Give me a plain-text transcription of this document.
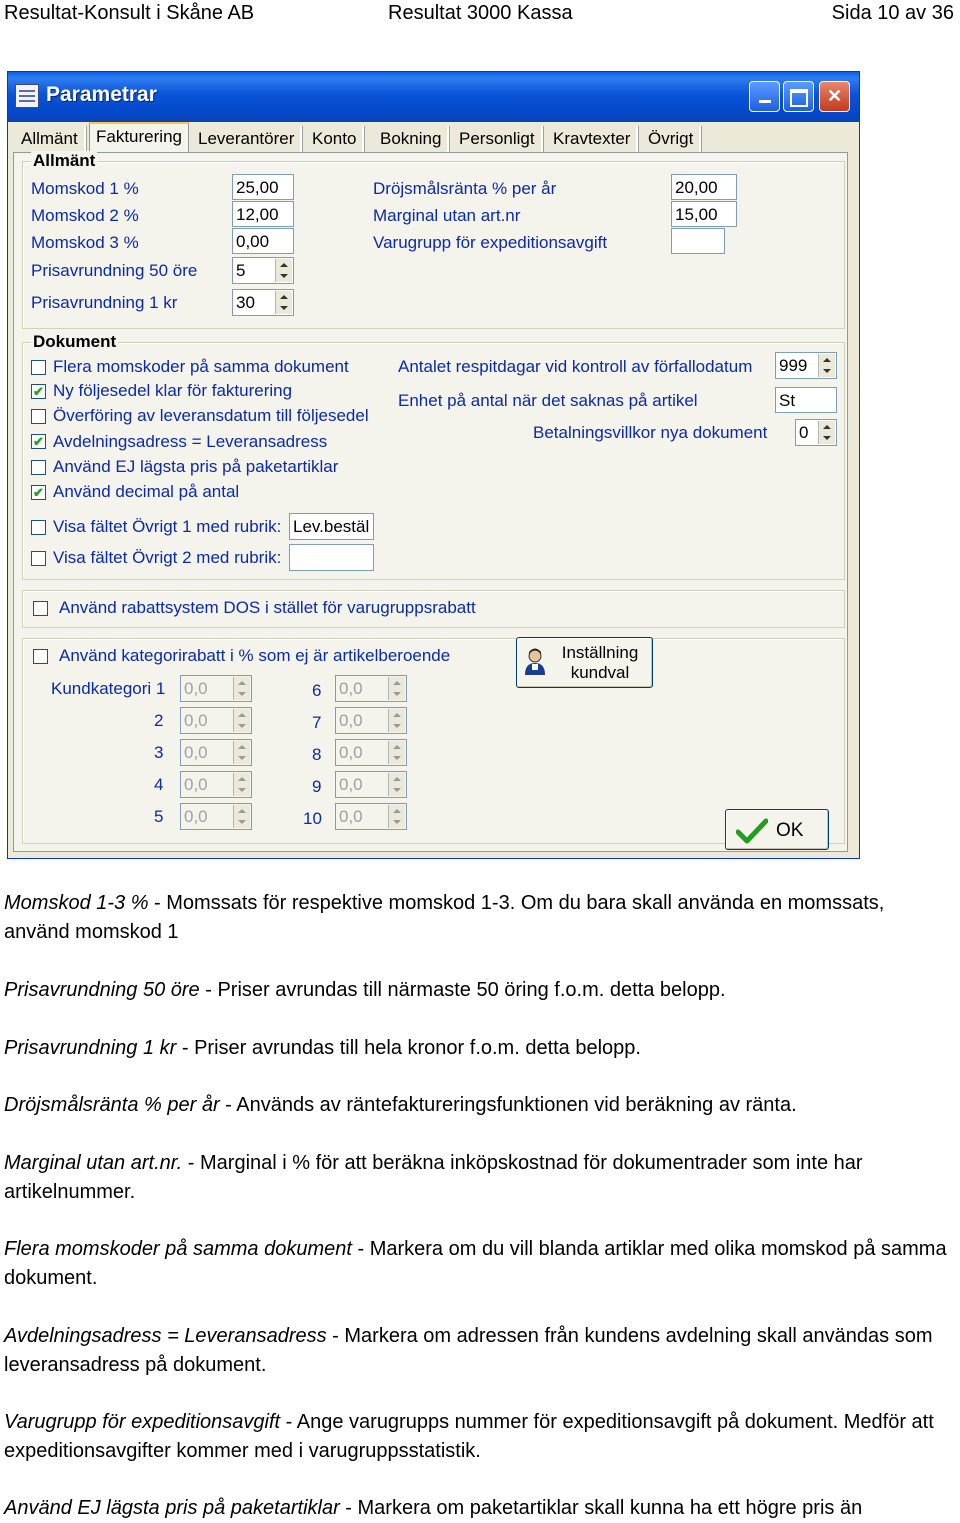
Resultat-Konsult i Skåne AB	Resultat 3000 Kassa	Sida 10 av 36
Parametrar	✕
Allmänt	Fakturering Leverantörer	Konto	Bokning	Personligt	Kravtexter	Övrigt
Allmänt
Momskod 1 %	25,00
Momskod 2 %	12,00
Momskod 3 %	0,00
Prisavrundning 50 öre 5
Prisavrundning 1 kr	30
Dröjsmålsränta % per år	20,00
Marginal utan art.nr	15,00
Varugrupp för expeditionsavgift
Dokument
Flera momskoder på samma dokument
✔ Ny följesedel klar för fakturering
Överföring av leveransdatum till följesedel
✔ Avdelningsadress = Leveransadress
Använd EJ lägsta pris på paketartiklar
✔ Använd decimal på antal
Visa fältet Övrigt 1 med rubrik: Lev.bestäl
Visa fältet Övrigt 2 med rubrik:
Antalet respitdagar vid kontroll av förfallodatum 999
Enhet på antal när det saknas på artikel	St
Betalningsvillkor nya dokument 0
Använd rabattsystem DOS i stället för varugruppsrabatt
Använd kategorirabatt i % som ej är artikelberoende
Kundkategori 1 0,0
2 0,0
3 0,0
4 0,0
5 0,0
6 0,0
7 0,0
8 0,0
9 0,0
10 0,0
Inställning
kundval
OK
Momskod 1-3 % - Momssats för respektive momskod 1-3. Om du bara skall använda en momssats, använd momskod 1
Prisavrundning 50 öre - Priser avrundas till närmaste 50 öring f.o.m. detta belopp.
Prisavrundning 1 kr - Priser avrundas till hela kronor f.o.m. detta belopp.
Dröjsmålsränta % per år - Används av räntefaktureringsfunktionen vid beräkning av ränta.
Marginal utan art.nr. - Marginal i % för att beräkna inköpskostnad för dokumentrader som inte har artikelnummer.
Flera momskoder på samma dokument - Markera om du vill blanda artiklar med olika momskod på samma dokument.
Avdelningsadress = Leveransadress - Markera om adressen från kundens avdelning skall användas som leveransadress på dokument.
Varugrupp för expeditionsavgift - Ange varugrupps nummer för expeditionsavgift på dokument. Medför att expeditionsavgifter kommer med i varugruppsstatistik.
Använd EJ lägsta pris på paketartiklar - Markera om paketartiklar skall kunna ha ett högre pris än
